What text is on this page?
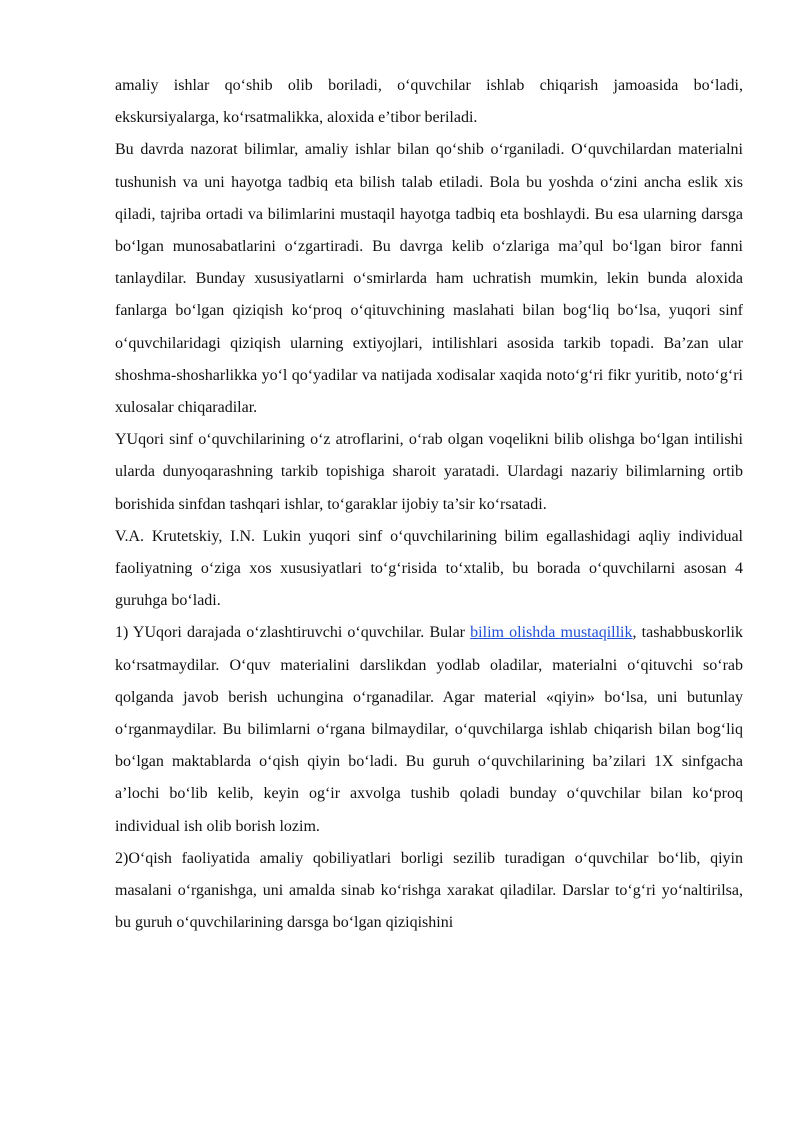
amaliy ishlar qo‘shib olib boriladi, o‘quvchilar ishlab chiqarish jamoasida bo‘ladi, ekskursiyalarga, ko‘rsatmalikka, aloxida e’tibor beriladi.

Bu davrda nazorat bilimlar, amaliy ishlar bilan qo‘shib o‘rganiladi. O‘quvchilardan materialni tushunish va uni hayotga tadbiq eta bilish talab etiladi. Bola bu yoshda o‘zini ancha eslik xis qiladi, tajriba ortadi va bilimlarini mustaqil hayotga tadbiq eta boshlaydi. Bu esa ularning darsga bo‘lgan munosabatlarini o‘zgartiradi. Bu davrga kelib o‘zlariga ma’qul bo‘lgan biror fanni tanlaydilar. Bunday xususiyatlarni o‘smirlarda ham uchratish mumkin, lekin bunda aloxida fanlarga bo‘lgan qiziqish ko‘proq o‘qituvchining maslahati bilan bog‘liq bo‘lsa, yuqori sinf o‘quvchilaridagi qiziqish ularning extiyojlari, intilishlari asosida tarkib topadi. Ba’zan ular shoshma-shosharlikka yo‘l qo‘yadilar va natijada xodisalar xaqida noto‘g‘ri fikr yuritib, noto‘g‘ri xulosalar chiqaradilar.

YUqori sinf o‘quvchilarining o‘z atroflarini, o‘rab olgan voqelikni bilib olishga bo‘lgan intilishi ularda dunyoqarashning tarkib topishiga sharoit yaratadi. Ulardagi nazariy bilimlarning ortib borishida sinfdan tashqari ishlar, to‘garaklar ijobiy ta’sir ko‘rsatadi.

V.A. Krutetskiy, I.N. Lukin yuqori sinf o‘quvchilarining bilim egallashidagi aqliy individual faoliyatning o‘ziga xos xususiyatlari to‘g‘risida to‘xtalib, bu borada o‘quvchilarni asosan 4 guruhga bo‘ladi.

1) YUqori darajada o‘zlashtiruvchi o‘quvchilar. Bular bilim olishda mustaqillik, tashabbuskorlik ko‘rsatmaydilar. O‘quv materialini darslikdan yodlab oladilar, materialni o‘qituvchi so‘rab qolganda javob berish uchungina o‘rganadilar. Agar material «qiyin» bo‘lsa, uni butunlay o‘rganmaydilar. Bu bilimlarni o‘rgana bilmaydilar, o‘quvchilarga ishlab chiqarish bilan bog‘liq bo‘lgan maktablarda o‘qish qiyin bo‘ladi. Bu guruh o‘quvchilarining ba’zilari 1X sinfgacha a’lochi bo‘lib kelib, keyin og‘ir axvolga tushib qoladi bunday o‘quvchilar bilan ko‘proq individual ish olib borish lozim.

2)O‘qish faoliyatida amaliy qobiliyatlari borligi sezilib turadigan o‘quvchilar bo‘lib, qiyin masalani o‘rganishga, uni amalda sinab ko‘rishga xarakat qiladilar. Darslar to‘g‘ri yo‘naltirilsa, bu guruh o‘quvchilarining darsga bo‘lgan qiziqishini
